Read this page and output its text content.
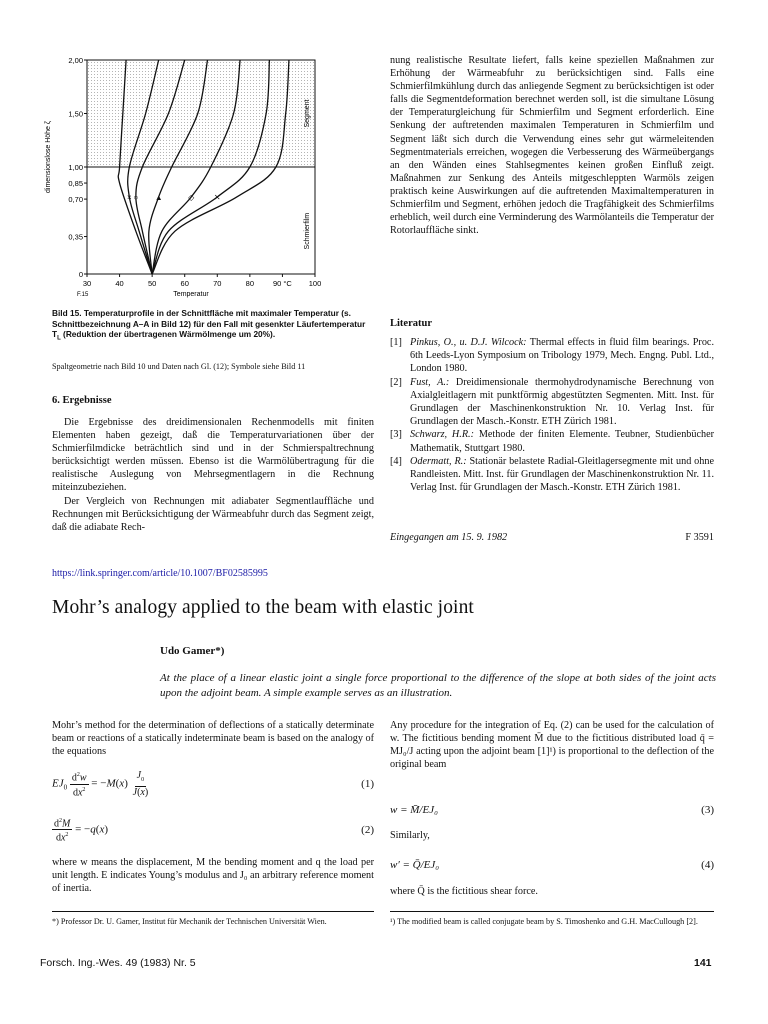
0
0,35
0,70
0,85
1,00
1,50
2,00
30	40	50	60	70	80	90 °C 100
Temperatur
F.15
dimensionslose Höhe ζ
Segment
Schmierfilm
× ○ ▲	◇ ✕
Bild 15. Temperaturprofile in der Schnittfläche mit maximaler Temperatur (s. Schnittbezeichnung A–A in Bild 12) für den Fall mit gesenkter Läufertemperatur $T_L$ (Reduktion der übertragenen Wärmölmenge um 20%).
Spaltgeometrie nach Bild 10 und Daten nach Gl. (12); Symbole siehe Bild 11
6. Ergebnisse

Die Ergebnisse des dreidimensionalen Rechenmodells mit finiten Elementen haben gezeigt, daß die Temperaturvariationen über der Schmierfilmdicke beträchtlich sind und in der Schmierspaltrechnung berücksichtigt werden müssen. Ebenso ist die Warmölübertragung für die realistische Auslegung von Mehrsegmentlagern in die Rechnung miteinzubeziehen.

Der Vergleich von Rechnungen mit adiabater Segmentlauffläche und Rechnungen mit Berücksichtigung der Wärmeabfuhr durch das Segment zeigt, daß die adiabate Rech-

nung realistische Resultate liefert, falls keine speziellen Maßnahmen zur Erhöhung der Wärmeabfuhr zu berücksichtigen sind. Falls eine Schmierfilmkühlung durch das anliegende Segment zu berücksichtigen ist oder falls die Segmentdeformation berechnet werden soll, ist die simultane Lösung der Temperaturgleichung für Schmierfilm und Segment erforderlich. Eine Senkung der auftretenden maximalen Temperaturen in Schmierfilm und Segment läßt sich durch die Verwendung eines sehr gut wärmeleitenden Segmentmaterials erreichen, wogegen die Verbesserung des Wärmeübergangs an den Wänden eines Stahlsegmentes keinen großen Einfluß zeigt. Maßnahmen zur Senkung des Anteils mitgeschleppten Warmöls zeigen praktisch keine Auswirkungen auf die auftretenden Maximaltemperaturen in Schmierfilm und Segment, erhöhen jedoch die Tragfähigkeit des Schmierfilms erheblich, weil durch eine Verminderung des Warmölanteils die Temperatur der Rotorlauffläche sinkt.
Literatur
[1] Pinkus, O., u. D.J. Wilcock: Thermal effects in fluid film bearings. Proc. 6th Leeds-Lyon Symposium on Tribology 1979, Mech. Engng. Publ. Ltd., London 1980.
[2] Fust, A.: Dreidimensionale thermohydrodynamische Berechnung von Axialgleitlagern mit punktförmig abgestützten Segmenten. Mitt. Inst. für Grundlagen der Maschinenkonstruktion Nr. 10. Verlag Inst. für Grundlagen der Masch.-Konstr. ETH Zürich 1981.
[3] Schwarz, H.R.: Methode der finiten Elemente. Teubner, Studienbücher Mathematik, Stuttgart 1980.
[4] Odermatt, R.: Stationär belastete Radial-Gleitlagersegmente mit und ohne Randleisten. Mitt. Inst. für Grundlagen der Maschinenkonstruktion Nr. 11. Verlag Inst. für Grundlagen der Masch.-Konstr. ETH Zürich 1981.
Eingegangen am 15. 9. 1982	F 3591
https://link.springer.com/article/10.1007/BF02585995
Mohr’s analogy applied to the beam with elastic joint
Udo Gamer*)
At the place of a linear elastic joint a single force proportional to the difference of the slope at both sides of the joint acts upon the adjoint beam. A simple example serves as an illustration.
Mohr’s method for the determination of deflections of a statically determinate beam or reactions of a statically indeterminate beam is based on the analogy of the equations
$EJ_0 \frac{d^2w}{dx^2} = -M(x) \frac{J_0}{J(x)}$	(1)
$\frac{d^2M}{dx^2} = -q(x)$	(2)
where w means the displacement, M the bending moment and q the load per unit length. E indicates Young’s modulus and J₀ an arbitrary reference moment of inertia.
Any procedure for the integration of Eq. (2) can be used for the calculation of w. The fictitious bending moment M̄ due to the fictitious distributed load q̄ = MJ₀/J acting upon the adjoint beam [1]¹) is proportional to the deflection of the original beam
w = M̄/EJ₀	(3)
Similarly,
w′ = Q̄/EJ₀	(4)
where Q̄ is the fictitious shear force.
*) Professor Dr. U. Gamer, Institut für Mechanik der Technischen Universität Wien.	¹) The modified beam is called conjugate beam by S. Timoshenko and G.H. MacCullough [2].
Forsch. Ing.-Wes. 49 (1983) Nr. 5	141
